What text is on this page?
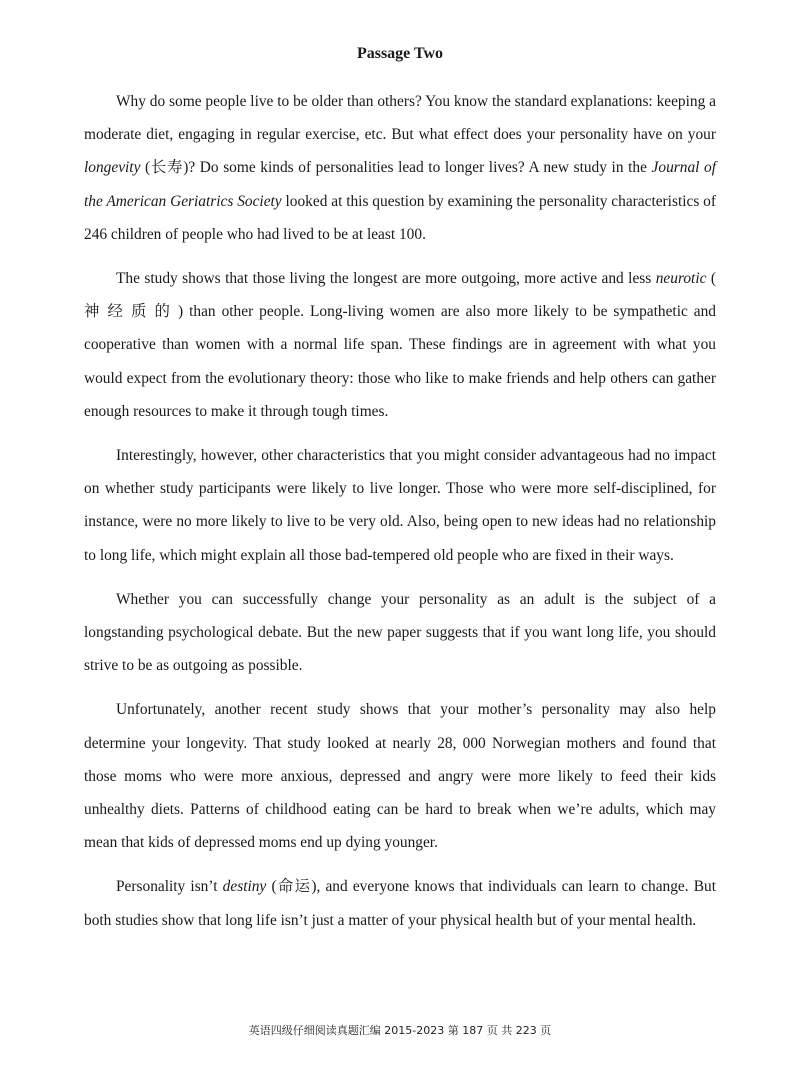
Passage Two

Why do some people live to be older than others? You know the standard explanations: keeping a moderate diet, engaging in regular exercise, etc. But what effect does your personality have on your longevity (长寿)? Do some kinds of personalities lead to longer lives? A new study in the Journal of the American Geriatrics Society looked at this question by examining the personality characteristics of 246 children of people who had lived to be at least 100.

The study shows that those living the longest are more outgoing, more active and less neurotic ( 神 经 质 的 ) than other people. Long-living women are also more likely to be sympathetic and cooperative than women with a normal life span. These findings are in agreement with what you would expect from the evolutionary theory: those who like to make friends and help others can gather enough resources to make it through tough times.

Interestingly, however, other characteristics that you might consider advantageous had no impact on whether study participants were likely to live longer. Those who were more self-disciplined, for instance, were no more likely to live to be very old. Also, being open to new ideas had no relationship to long life, which might explain all those bad-tempered old people who are fixed in their ways.

Whether you can successfully change your personality as an adult is the subject of a longstanding psychological debate. But the new paper suggests that if you want long life, you should strive to be as outgoing as possible.

Unfortunately, another recent study shows that your mother’s personality may also help determine your longevity. That study looked at nearly 28, 000 Norwegian mothers and found that those moms who were more anxious, depressed and angry were more likely to feed their kids unhealthy diets. Patterns of childhood eating can be hard to break when we’re adults, which may mean that kids of depressed moms end up dying younger.

Personality isn’t destiny (命运), and everyone knows that individuals can learn to change. But both studies show that long life isn’t just a matter of your physical health but of your mental health.

英语四级仔细阅读真题汇编 2015-2023 第 187 页 共 223 页
